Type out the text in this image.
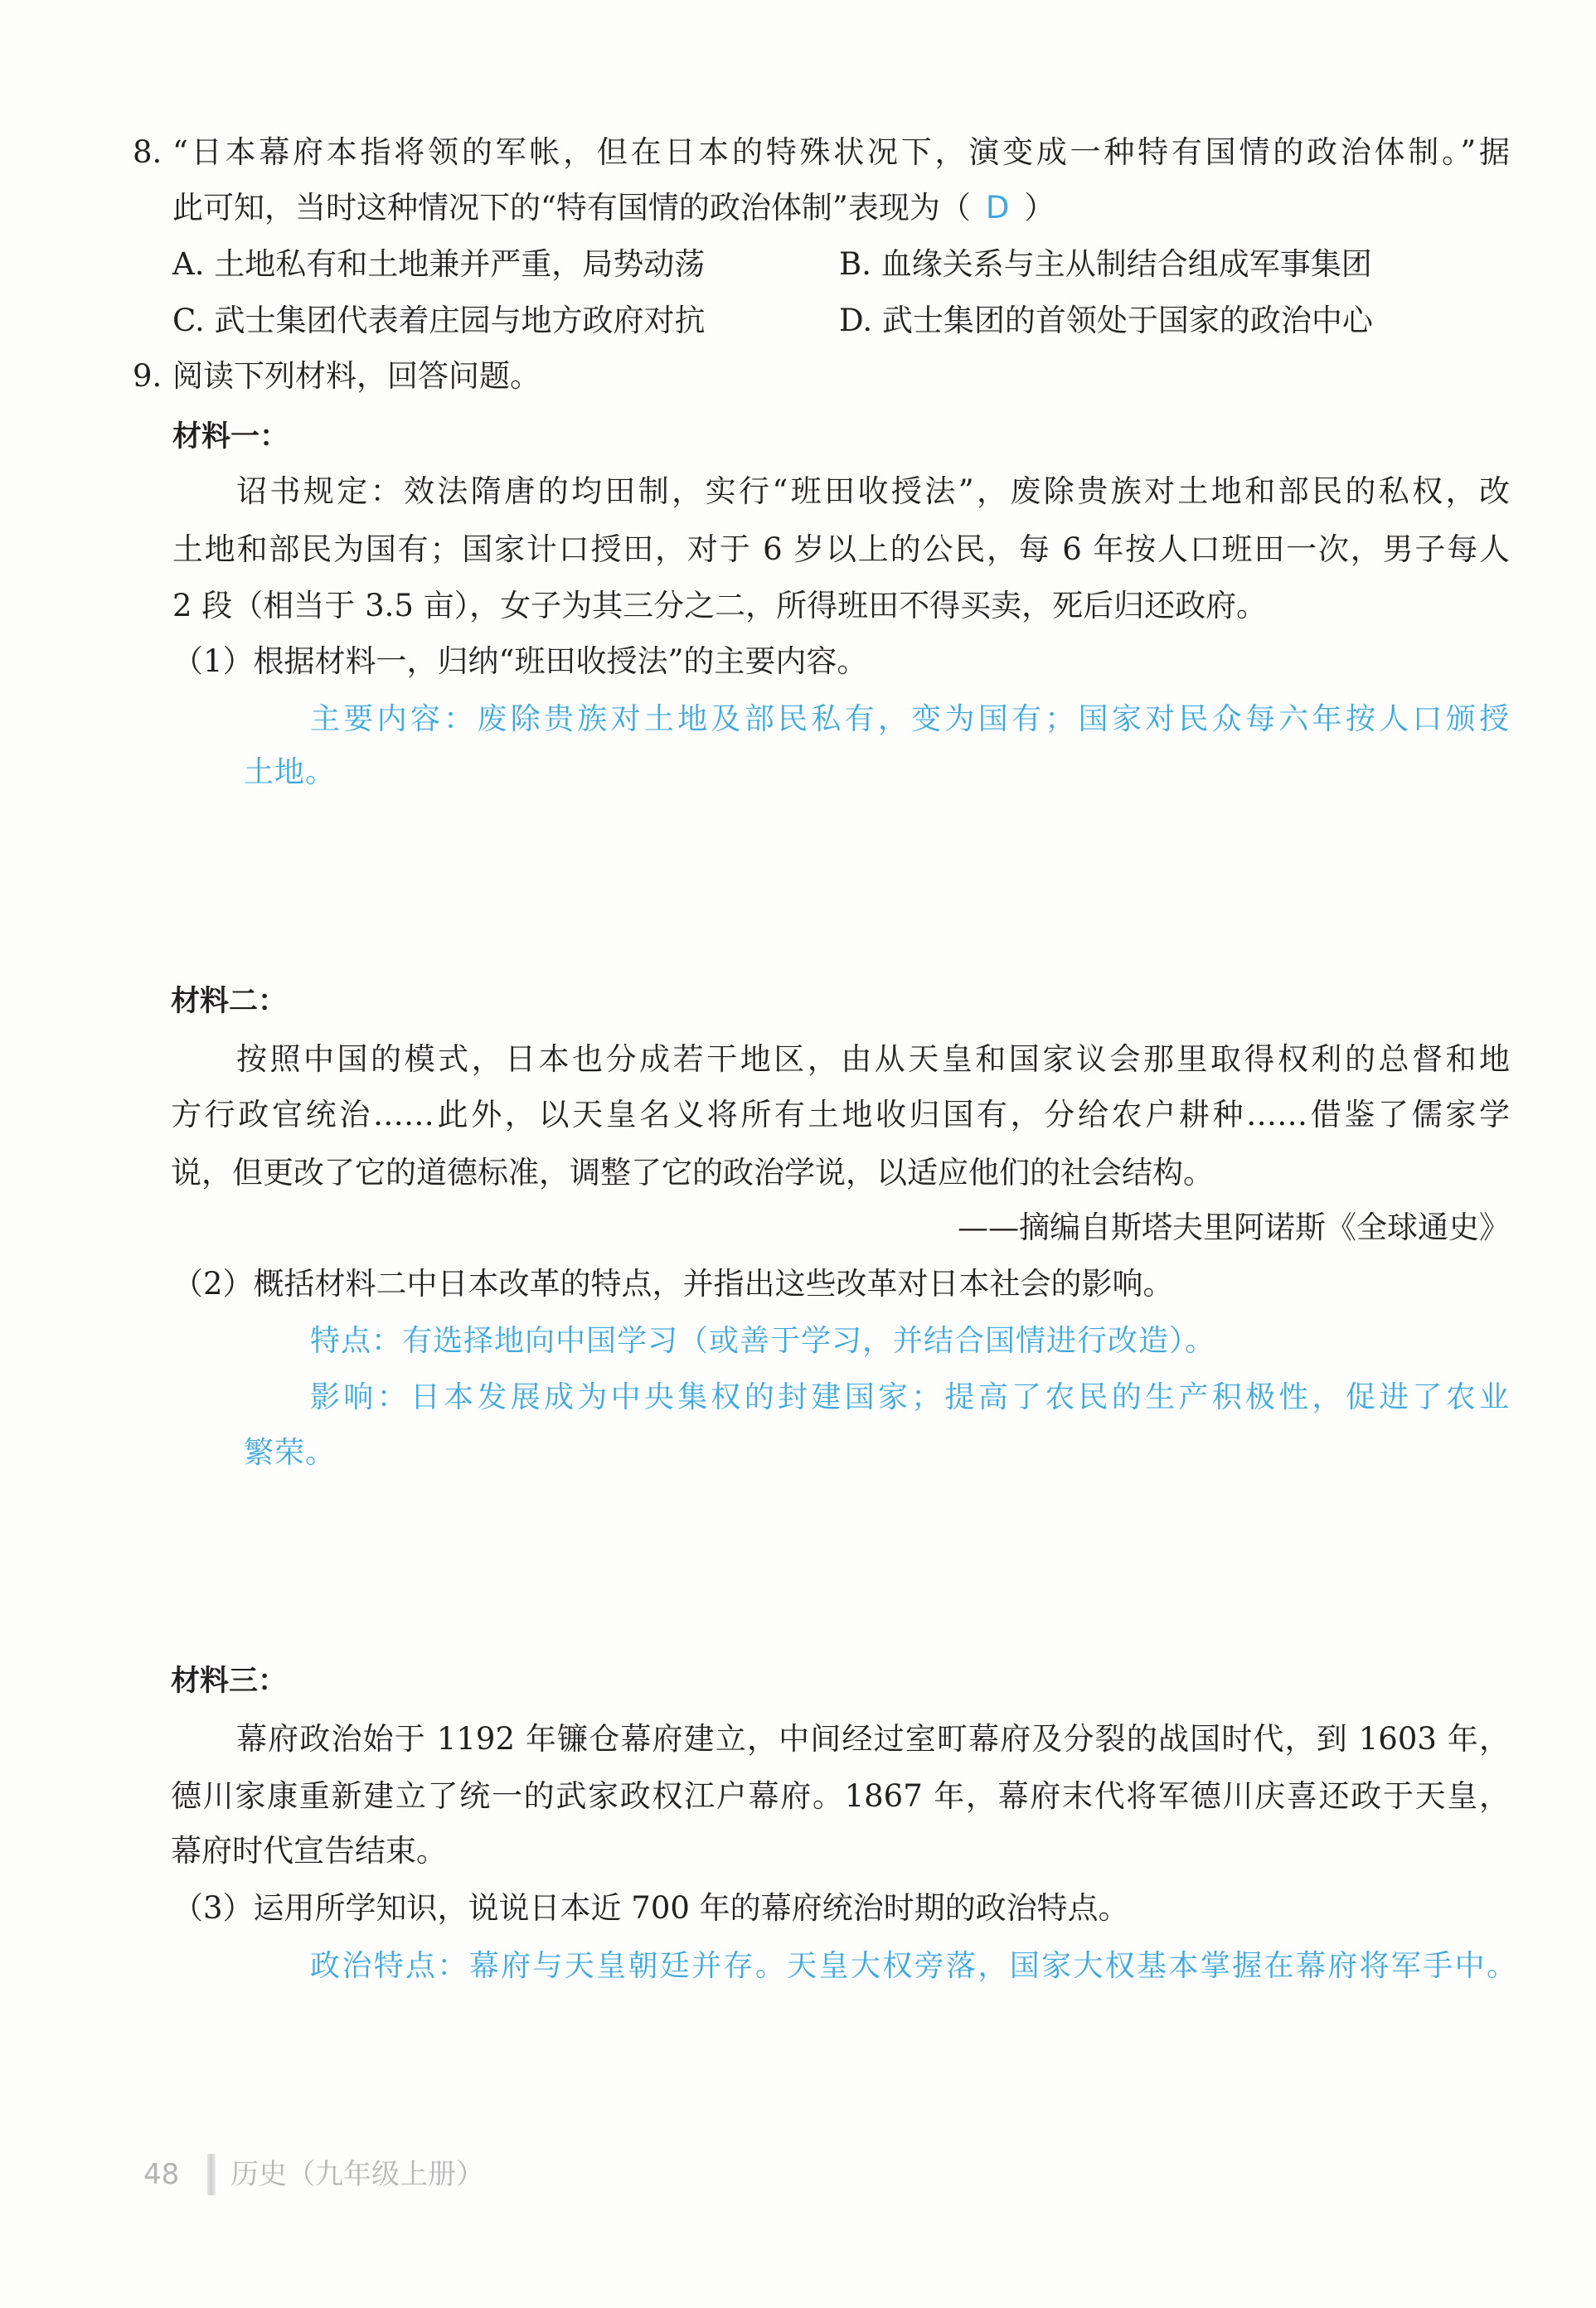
8. “日本幕府本指将领的军帐，但在日本的特殊状况下，演变成一种特有国情的政治体制。”据
此可知，当时这种情况下的“特有国情的政治体制”表现为（ D ）
A. 土地私有和土地兼并严重，局势动荡	B. 血缘关系与主从制结合组成军事集团
C. 武士集团代表着庄园与地方政府对抗	D. 武士集团的首领处于国家的政治中心
9. 阅读下列材料，回答问题。
材料一：
诏书规定：效法隋唐的均田制，实行“班田收授法”，废除贵族对土地和部民的私权，改
土地和部民为国有；国家计口授田，对于 6 岁以上的公民，每 6 年按人口班田一次，男子每人
2 段（相当于 3.5 亩），女子为其三分之二，所得班田不得买卖，死后归还政府。
（1）根据材料一，归纳“班田收授法”的主要内容。
主要内容：废除贵族对土地及部民私有，变为国有；国家对民众每六年按人口颁授
土地。
材料二：
按照中国的模式，日本也分成若干地区，由从天皇和国家议会那里取得权利的总督和地
方行政官统治……此外，以天皇名义将所有土地收归国有，分给农户耕种……借鉴了儒家学
说，但更改了它的道德标准，调整了它的政治学说，以适应他们的社会结构。
——摘编自斯塔夫里阿诺斯《全球通史》
（2）概括材料二中日本改革的特点，并指出这些改革对日本社会的影响。
特点：有选择地向中国学习（或善于学习，并结合国情进行改造）。
影响：日本发展成为中央集权的封建国家；提高了农民的生产积极性，促进了农业
繁荣。
材料三：
幕府政治始于 1192 年镰仓幕府建立，中间经过室町幕府及分裂的战国时代，到 1603 年，
德川家康重新建立了统一的武家政权江户幕府。1867 年，幕府末代将军德川庆喜还政于天皇，
幕府时代宣告结束。
（3）运用所学知识，说说日本近 700 年的幕府统治时期的政治特点。
政治特点：幕府与天皇朝廷并存。天皇大权旁落，国家大权基本掌握在幕府将军手中。
48 历史（九年级上册）
